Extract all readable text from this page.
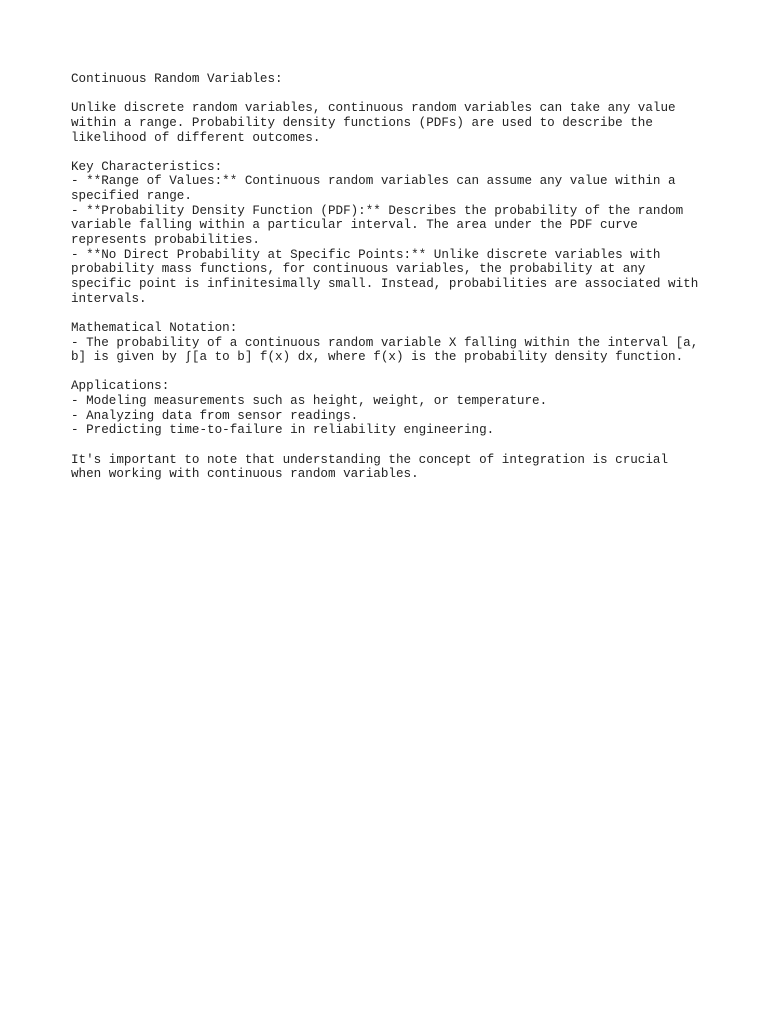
Continuous Random Variables:
Unlike discrete random variables, continuous random variables can take any value
within a range. Probability density functions (PDFs) are used to describe the
likelihood of different outcomes.
Key Characteristics:
- **Range of Values:** Continuous random variables can assume any value within a
specified range.
- **Probability Density Function (PDF):** Describes the probability of the random
variable falling within a particular interval. The area under the PDF curve
represents probabilities.
- **No Direct Probability at Specific Points:** Unlike discrete variables with
probability mass functions, for continuous variables, the probability at any
specific point is infinitesimally small. Instead, probabilities are associated with
intervals.
Mathematical Notation:
- The probability of a continuous random variable X falling within the interval [a,
b] is given by ∫[a to b] f(x) dx, where f(x) is the probability density function.
Applications:
- Modeling measurements such as height, weight, or temperature.
- Analyzing data from sensor readings.
- Predicting time-to-failure in reliability engineering.
It's important to note that understanding the concept of integration is crucial
when working with continuous random variables.
